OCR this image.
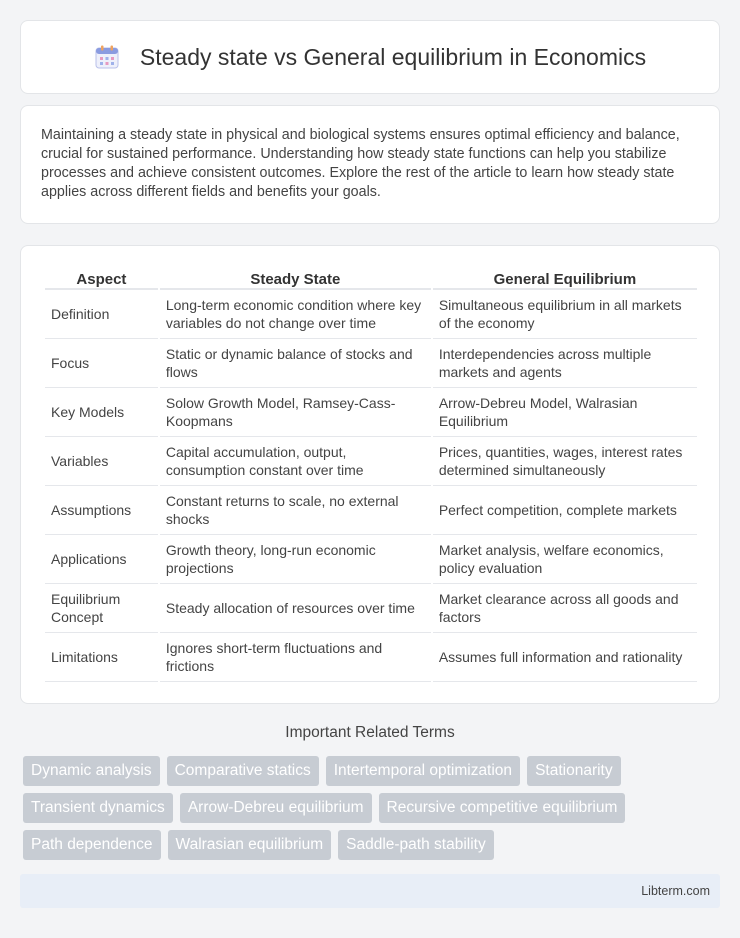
Steady state vs General equilibrium in Economics

Maintaining a steady state in physical and biological systems ensures optimal efficiency and balance, crucial for sustained performance. Understanding how steady state functions can help you stabilize processes and achieve consistent outcomes. Explore the rest of the article to learn how steady state applies across different fields and benefits your goals.

Aspect	Steady State	General Equilibrium
Definition	Long-term economic condition where key variables do not change over time	Simultaneous equilibrium in all markets of the economy
Focus	Static or dynamic balance of stocks and flows	Interdependencies across multiple markets and agents
Key Models	Solow Growth Model, Ramsey-Cass-Koopmans	Arrow-Debreu Model, Walrasian Equilibrium
Variables	Capital accumulation, output, consumption constant over time	Prices, quantities, wages, interest rates determined simultaneously
Assumptions	Constant returns to scale, no external shocks	Perfect competition, complete markets
Applications	Growth theory, long-run economic projections	Market analysis, welfare economics, policy evaluation
Equilibrium Concept	Steady allocation of resources over time	Market clearance across all goods and factors
Limitations	Ignores short-term fluctuations and frictions	Assumes full information and rationality
Important Related Terms
Dynamic analysis	Comparative statics	Intertemporal optimization	Stationarity
Transient dynamics	Arrow-Debreu equilibrium	Recursive competitive equilibrium
Path dependence	Walrasian equilibrium	Saddle-path stability
Libterm.com
